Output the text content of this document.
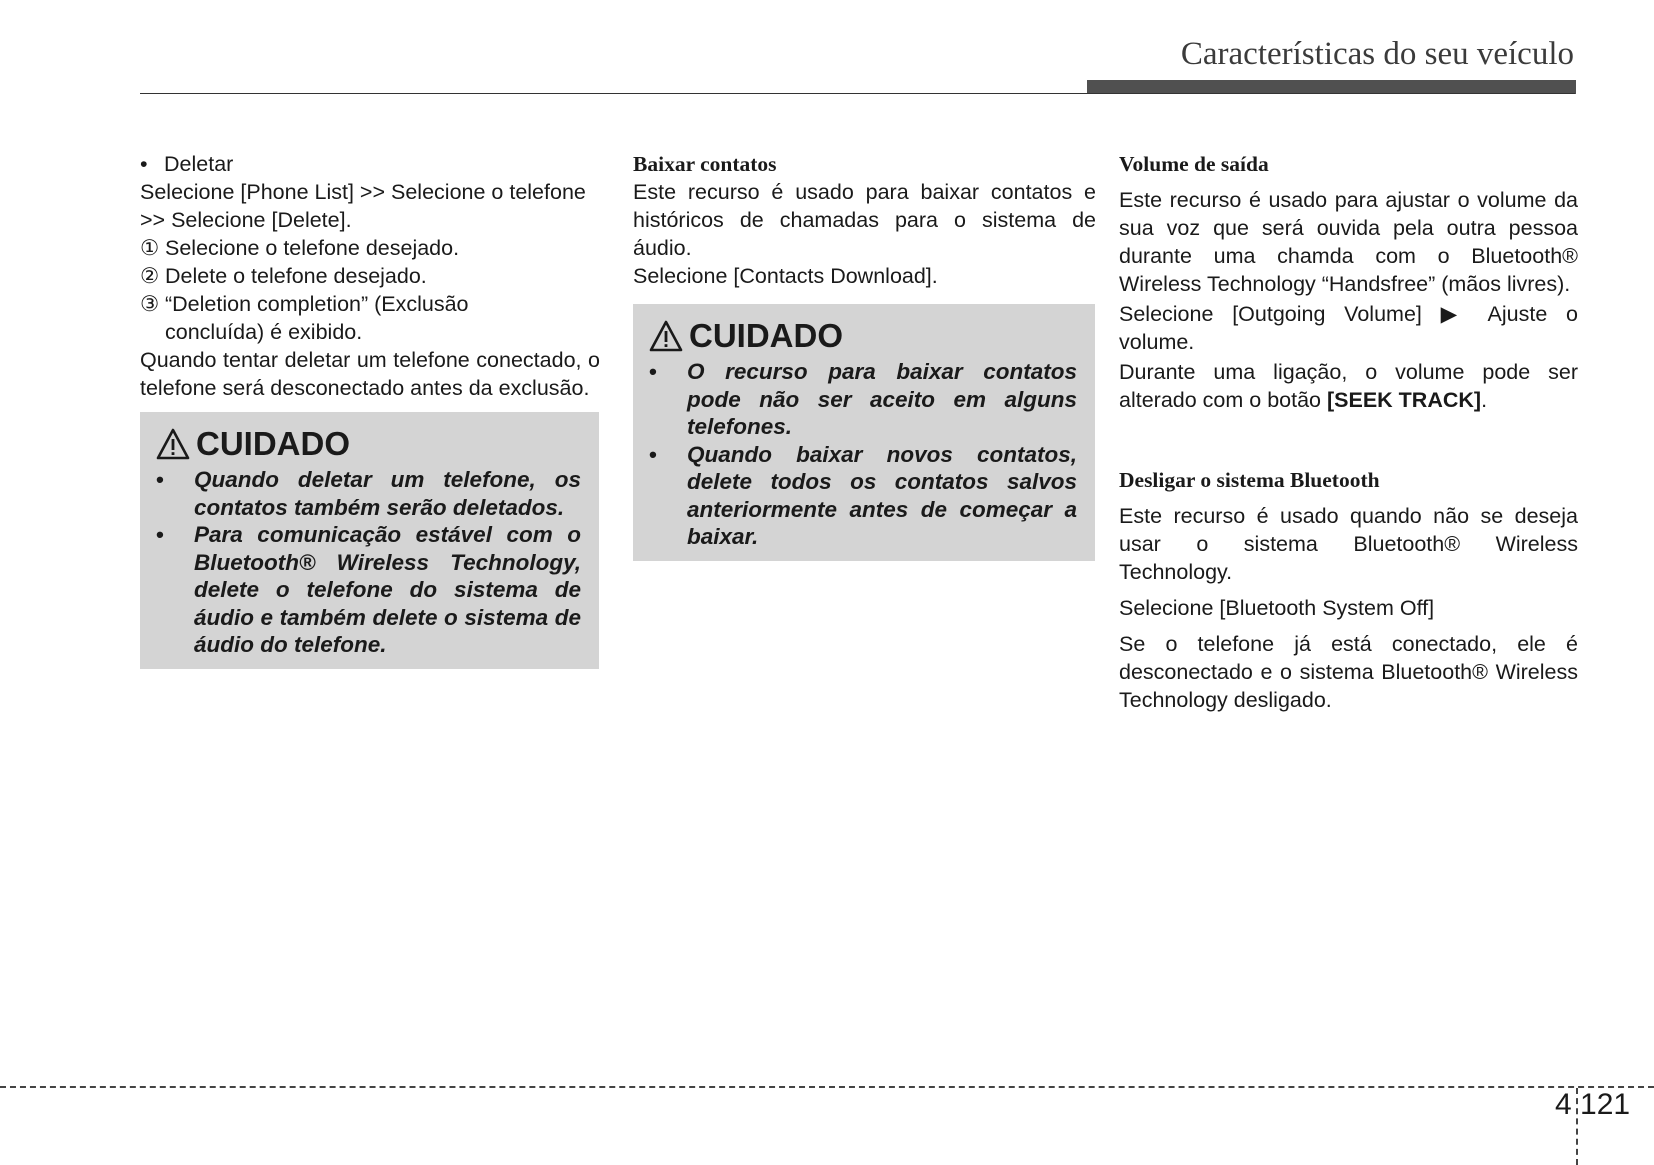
Características do seu veículo

• Deletar

Selecione [Phone List] >> Selecione o telefone >> Selecione [Delete].

① Selecione o telefone desejado.
② Delete o telefone desejado.
③ “Deletion completion” (Exclusão

concluída) é exibido.

Quando tentar deletar um telefone conectado, o telefone será desconectado antes da exclusão.

CUIDADO
•	Quando deletar um telefone, os contatos também serão deletados.
•	Para comunicação estável com o Bluetooth® Wireless Technology, delete o telefone do sistema de áudio e também delete o sistema de áudio do telefone.
Baixar contatos

Este recurso é usado para baixar contatos e históricos de chamadas para o sistema de áudio.

Selecione [Contacts Download].

CUIDADO
•	O recurso para baixar contatos pode não ser aceito em alguns telefones.
•	Quando baixar novos contatos, delete todos os contatos salvos anteriormente antes de começar a baixar.
Volume de saída

Este recurso é usado para ajustar o volume da sua voz que será ouvida pela outra pessoa durante uma chamda com o Bluetooth® Wireless Technology “Handsfree” (mãos livres).

Selecione [Outgoing Volume] ▶ Ajuste o volume.

Durante uma ligação, o volume pode ser alterado com o botão [SEEK TRACK].

Desligar o sistema Bluetooth

Este recurso é usado quando não se deseja usar o sistema Bluetooth® Wireless Technology.

Selecione [Bluetooth System Off]

Se o telefone já está conectado, ele é desconectado e o sistema Bluetooth® Wireless Technology desligado.

4 121
